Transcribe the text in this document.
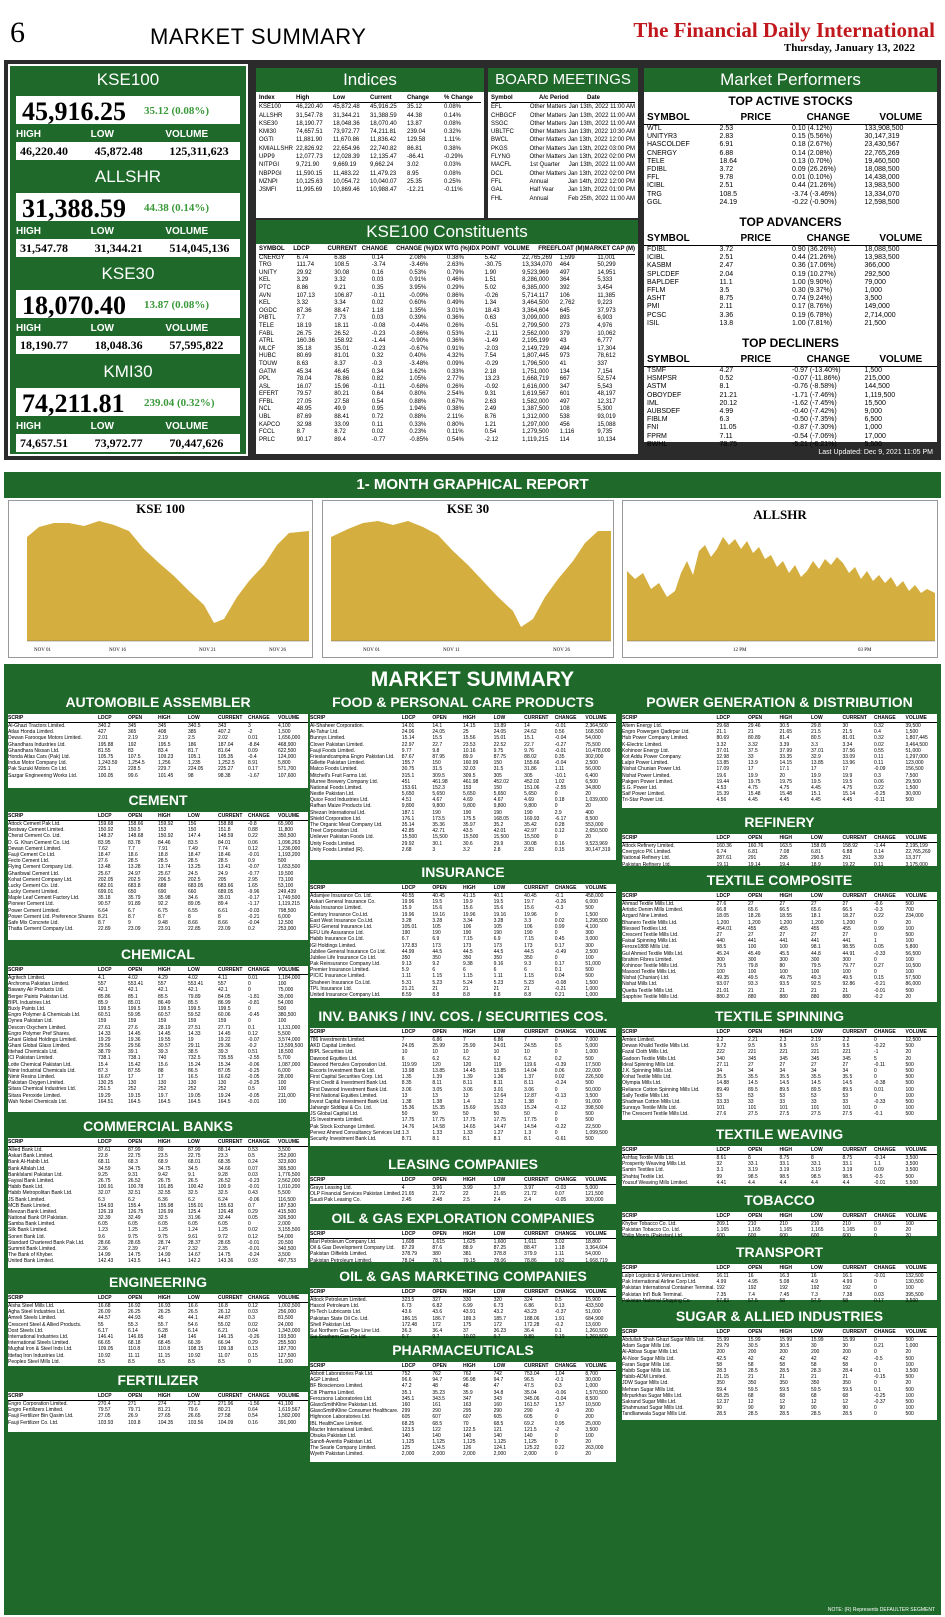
6	MARKET SUMMARY	The Financial Daily International
Thursday, January 13, 2022
KSE100
45,916.25 35.12 (0.08%)
HIGH	LOW	VOLUME
46,220.40	45,872.48	125,311,623
ALLSHR
31,388.59 44.38 (0.14%)
HIGH	LOW	VOLUME
31,547.78	31,344.21	514,045,136
KSE30
18,070.40 13.87 (0.08%)
HIGH	LOW	VOLUME
18,190.77	18,048.36	57,595,822
KMI30
74,211.81 239.04 (0.32%)
HIGH	LOW	VOLUME
74,657.51	73,972.77	70,447,626
Indices
Index	High	Low	Current	Change	% Change
KSE100	46,220.40	45,872.48	45,916.25	35.12	0.08%
ALLSHR	31,547.78	31,344.21	31,388.59	44.38	0.14%
KSE30	18,190.77	18,048.36	18,070.40	13.87	0.08%
KMI30	74,657.51	73,972.77	74,211.81	239.04	0.32%
OGTI	11,881.90	11,670.86	11,836.42	129.58	1.11%
KMIALLSHR 22,826.92	22,654.96	22,740.82	86.81	0.38%
UPP9	12,077.73	12,028.39	12,135.47	-86.41	-0.29%
NITPGI	9,721.90	9,669.19	9,662.24	3.02	0.03%
NBPPGI	11,590.15	11,483.22	11,479.23	8.95	0.08%
MZNPI	10,125.63	10,054.72	10,040.07	25.35	0.25%
JSMFI	11,995.69	10,869.46	10,988.47	-12.21	-0.11%
BOARD MEETINGS
Symbol	A/c Period	Date
EFL	Other Matters Jan 13th, 2022 11:00 AM
CHBGCF	Other Matters Jan 13th, 2022 11:00 AM
SSGC	Other Matters Jan 13th, 2022 11:00 AM
UBLTFC	Other Matters Jan 13th, 2022 10:30 AM
BWCL	Other Matters Jan 13th, 2022 12:00 PM
PKGS	Other Matters Jan 13th, 2022 03:00 PM
FLYNG	Other Matters Jan 13th, 2022 02:00 PM
MACFL	1st Quarter	Jan 13th, 2022 11:00 AM
DCL	Other Matters Jan 13th, 2022 02:00 PM
FFL	Annual	Jan 14th, 2022 12:00 PM
GAL	Half Year	Jan 13th, 2022 01:00 PM
FHL	Annual	Feb 25th, 2022 11:00 AM
KSE100 Constituents
SYMBOL	LDCP	CURRENT CHANGE	CHANGE (%) IDX WTG (%) IDX POINT VOLUME	FREEFLOAT (M) MARKET CAP (M)
CNERGY	6.74	6.88	0.14	2.08%	0.38%	5.42	22,765,269	1,599	11,001
TRG	111.74	108.5	-3.74	-3.46%	2.63%	-30.75	13,334,070	464	50,299
UNITY	29.92	30.08	0.16	0.53%	0.79%	1.90	9,523,969	497	14,951
KEL	3.29	3.32	0.03	0.91%	0.46%	1.51	8,286,000	364	5,333
PTC	8.86	9.21	0.35	3.95%	0.29%	5.02	6,385,000	392	3,454
AVN	107.13	106.87	-0.11	-0.09%	0.86%	-0.26	5,714,117	106	11,385
KEL	3.32	3.34	0.02	0.60%	0.49%	1.34	3,464,500	2,762	9,223
OGDC	87.36	88.47	1.18	1.35%	3.01%	18.43	3,364,604	645	37,973
PIBTL	7.7	7.73	0.03	0.39%	0.36%	0.63	3,099,000	893	6,903
TELE	18.19	18.11	-0.08	-0.44%	0.26%	-0.51	2,799,500	273	4,976
FABL	26.75	26.52	-0.23	-0.86%	0.53%	-2.11	2,562,000	379	10,062
ATRL	160.36	158.92	-1.44	-0.90%	0.36%	-1.49	2,195,199	43	6,777
MLCF	35.18	35.01	-0.23	-0.67%	0.91%	-2.03	2,149,729	494	17,304
HUBC	80.69	81.01	0.32	0.40%	4.32%	7.54	1,807,445	973	78,612
TOUW	8.63	8.37	-0.3	-3.48%	0.09%	-0.29	1,796,500	41	337
GATM	45.34	46.45	0.34	1.62%	0.33%	2.18	1,751,000	134	7,154
PPL	78.04	78.86	0.82	1.05%	2.77%	13.23	1,668,719	667	52,574
ASL	16.07	15.96	-0.11	-0.68%	0.26%	-0.92	1,616,000	347	5,543
EFERT	79.57	80.21	0.64	0.80%	2.54%	9.31	1,619,567	601	48,197
FFBL	27.05	27.58	0.54	0.88%	0.67%	2.63	1,582,000	497	12,317
NCL	48.95	49.9	0.95	1.94%	0.38%	2.49	1,387,500	108	5,300
UBL	87.69	88.41	0.72	0.88%	2.11%	8.76	1,312,000	538	93,019
KAPCO	32.98	33.09	0.11	0.33%	0.80%	1.21	1,297,000	456	15,088
FCCL	8.7	8.72	0.02	0.23%	0.11%	0.54	1,279,500	1,116	9,735
PRLC	90.17	89.4	-0.77	-0.85%	0.54%	-2.12	1,119,215	114	10,134
Market Performers
TOP ACTIVE STOCKS
SYMBOL	PRICE	CHANGE	VOLUME
WTL	2.53	0.10 (4.12%)	133,908,500
UNITYR3	2.83	0.15 (5.56%)	30,147,319
HASCOLDEF	6.91	0.18 (2.67%)	23,430,567
CNERGY	6.88	0.14 (2.08%)	22,765,269
TELE	18.64	0.13 (0.70%)	19,460,500
FDIBL	3.72	0.09 (26.26%)	18,088,500
FFL	9.78	0.01 (0.10%)	14,438,000
ICIBL	2.51	0.44 (21.26%)	13,983,500
TRG	108.5	-3.74 (-3.46%)	13,334,070
GGL	24.19	-0.22 (-0.90%)	12,598,500
TOP ADVANCERS
SYMBOL	PRICE	CHANGE	VOLUME
FDIBL	3.72	0.90 (36.26%)	18,088,500
ICIBL	2.51	0.44 (21.26%)	13,983,500
KASBM	2.47	0.36 (17.06%)	366,000
SPLCDEF	2.04	0.19 (10.27%)	292,500
BAPLDEF	11.1	1.00 (9.90%)	79,000
FFLM	3.5	0.30 (9.37%)	1,000
ASHT	8.75	0.74 (9.24%)	3,500
PMI	2.11	0.17 (8.76%)	149,000
PCSC	3.36	0.19 (6.78%)	2,714,000
ISIL	13.8	1.00 (7.81%)	21,500
TOP DECLINERS
SYMBOL	PRICE	CHANGE	VOLUME
TSMF	4.27	-0.97 (-13.40%)	1,500
HSMPSR	0.52	-0.07 (-11.86%)	215,000
ASTM	8.1	-0.76 (-8.58%)	144,500
OBOYDEF	21.21	-1.71 (-7.46%)	1,119,500
IML	20.12	-1.62 (-7.45%)	15,500
AUBSDEF	4.99	-0.40 (-7.42%)	9,000
FIBLM	6.3	-0.50 (-7.35%)	6,500
FNI	11.05	-0.87 (-7.30%)	1,000
FPRM	7.11	-0.54 (-7.06%)	17,000
BWHL	78.75	-5.21 (-6.21%)	5,500
Last Updated: Dec 9, 2021 11:05 PM
1- MONTH GRAPHICAL REPORT
KSE 100
NOV 01	NOV 16	NOV 21	NOV 26
KSE 30
NOV 01	NOV 11	NOV 26
ALLSHR
12 PM	03 PM
MARKET SUMMARY
NOTE: (R) Represents DEFAULTER SEGMENT
AUTOMOBILE ASSEMBLER
SCRIP	LDCP	OPEN	HIGH	LOW	CURRENT	CHANGE	VOLUME
Al-Ghazi Tractors Limited.	340.2	345	345	340.5	343	3	4,100
Atlas Honda Limited.	427	365	408	385	407.2	-2	1,500
Dewan Farooque Motors Limited.	2.01	2.19	2.19	2.5	2.02	0.01	1,656,000
Ghandhara Industries Ltd.	195.88	192	195.5	186	187.04	-8.84	468,900
Ghandhara Nissan Ltd.	81.55	83	83.4	81.7	81.64	0.09	622,500
Honda Atlas Cars (Pak) Ltd.	105.75	107.5	109.23	105.1	105.35	-0.4	124,000
Indus Motor Company Ltd.	1,243.59	1,254.5	1,256	1,235	1,252.5	8.91	5,800
Pak Suzuki Motors Co Ltd.	225.1	228.5	229.7	224.05	225.27	0.17	571,700
Sazgar Engineering Works Ltd.	100.05	99.6	101.45	98	98.38	-1.67	107,600
CEMENT
SCRIP	LDCP	OPEN	HIGH	LOW	CURRENT	CHANGE	VOLUME
Attock Cement Pak Ltd.	159.68	158.66	159.92	156	158.88	-0.8	65,900
Bestway Cement Limited.	150.92	150.5	153	150	151.8	0.88	11,800
Cherat Cement Co. Ltd.	148.37	148.68	150.92	147.4	148.59	0.22	350,500
D. G. Khan Cement Co. Ltd.	83.95	83.78	84.46	83.5	84.01	0.06	1,096,263
Dewan Cement Limited.	7.62	7.7	7.91	7.49	7.74	0.12	1,236,000
Fauji Cement Co Ltd.	18.47	18.6	18.8	18.47	18.46	-0.01	1,193,200
Fecto Cement Ltd.	27.6	28.5	28.5	28.5	28.5	0.9	500
Flying Cement Company Ltd.	13.48	13.28	13.74	13.25	13.41	-0.07	1,653,500
Gharibwal Cement Ltd.	25.67	24.97	25.67	24.5	24.9	-0.77	19,500
Kohat Cement Company Ltd.	202.05	202.5	206.5	202.5	205	2.95	73,100
Lucky Cement Co. Ltd.	682.01	683.8	688	683.05	683.66	1.65	53,100
Lucky Cement Limited.	699.01	650	690	660	689.05	-9.96	249,439
Maple Leaf Cement Factory Ltd.	35.18	35.79	35.98	34.6	35.01	-0.17	1,749,500
Pioneer Cement Ltd.	90.57	91.89	92.2	89.05	89.4	-1.17	1,119,215
Power Cement Limited.	6.64	6.7	6.75	6.55	6.61	-0.03	798,500
Power Cement Ltd. Preference Shares 8.21	8.7	8.7	8	8	-0.21	6,000
Safe Mix Concrete Ltd.	8.7	9	9.48	8.66	8.66	-0.04	12,500
Thatta Cement Company Ltd.	22.89	23.09	23.91	22.85	23.09	0.2	253,000
CHEMICAL
SCRIP	LDCP	OPEN	HIGH	LOW	CURRENT	CHANGE	VOLUME
Agritech Limited.	4.1	4.02	4.29	4.02	4.11	0.01	1,184,000
Archroma Pakistan Limited.	557	553.41	557	553.41	557	0	100
Bawany Air Products Ltd.	42.1	42.1	42.1	42.1	42.1	0	75,000
Berger Paints Pakistan Ltd.	85.86	85.1	85.5	79.89	84.05	-1.81	35,000
BIPL Industries Ltd.	85.9	85.01	86.49	85.5	86.99	-0.81	54,000
Buxly Paints Ltd.	199.5	199.5	199.5	199.5	199.5	0	500
Engro Polymer & Chemicals Ltd.	60.51	59.95	60.57	59.52	60.06	-0.45	380,500
Dynea Pakistan Ltd.	159	159	159	159	159	0	100
Descon Oxychem Limited.	27.61	27.6	28.19	27.51	27.71	0.1	1,131,000
Engro Polymer Pref Shares.	14.33	14.45	14.45	14.33	14.45	0.12	5,500
Ghani Global Holdings Limited.	19.29	19.36	19.55	19	19.22	-0.07	3,574,000
Ghani Global Glass Limited.	29.56	29.56	30.57	29.11	29.36	-0.2	13,599,500
Ittehad Chemicals Ltd.	38.79	39.1	39.3	38.5	39.3	0.51	18,500
ICI Pakistan Limited.	738.1	738.1	740	732.5	735.55	-2.55	5,700
Lotte Chemical Pakistan Ltd.	15.4	15.42	15.6	15.24	15.34	-0.06	1,087,000
Nimir Industrial Chemicals Ltd.	87.3	87.55	88	86.5	87.05	-0.25	6,000
Nimir Resins Limited.	16.67	17	17	16.5	16.62	-0.05	28,000
Pakistan Oxygen Limited.	130.25	130	130	130	130	-0.25	100
Sitara Chemical Industries Ltd.	251.5	252	252	252	252	0.5	100
Sitara Peroxide Limited.	19.29	19.15	19.7	19.05	19.24	-0.05	211,000
Wah Nobel Chemicals Ltd.	164.51	164.5	164.5	164.5	164.5	-0.01	100
COMMERCIAL BANKS
SCRIP	LDCP	OPEN	HIGH	LOW	CURRENT	CHANGE	VOLUME
Allied Bank Ltd.	87.61	87.99	89	87.99	88.14	0.53	3,500
Askari Bank Limited.	22.8	22.75	23.5	22.75	23.3	0.5	252,000
Bank Al-Habib Ltd.	68.11	68.3	68.9	68.01	68.35	0.24	323,600
Bank Alfalah Ltd.	34.59	34.75	34.75	34.5	34.66	0.07	365,500
BankIslami Pakistan Ltd.	9.25	9.31	9.42	9.1	9.28	0.03	1,776,500
Faysal Bank Limited.	26.75	26.52	26.75	26.5	26.52	-0.23	2,562,000
Habib Bank Ltd.	100.91	100.78	101.85	100.42	100.9	-0.01	1,010,200
Habib Metropolitan Bank Ltd.	32.07	32.51	32.55	32.5	32.5	0.43	5,500
JS Bank Limited.	6.3	6.2	6.36	6.2	6.24	-0.06	116,500
MCB Bank Limited.	154.93	155.4	155.98	155.01	155.63	0.7	187,530
Meezan Bank Limited.	126.19	126.75	126.99	125.4	126.48	0.29	415,500
National Bank Of Pakistan.	32.39	32.49	32.5	31.96	32.44	0.05	326,500
Samba Bank Limited.	6.05	6.05	6.05	6.05	6.05	0	2,000
Silk Bank Limited.	1.23	1.25	1.25	1.24	1.25	0.02	3,155,500
Soneri Bank Ltd.	9.6	9.75	9.75	9.61	9.72	0.12	54,000
Standard Chartered Bank Pak Ltd.	28.66	28.65	28.74	28.37	28.65	-0.01	20,500
Summit Bank Limited.	2.36	2.39	2.47	2.32	2.35	-0.01	340,500
The Bank of Khyber.	14.99	14.75	14.99	14.67	14.75	-0.24	3,500
United Bank Limited.	142.43	143.5	144.1	142.2	143.36	0.93	497,753
ENGINEERING
SCRIP	LDCP	OPEN	HIGH	LOW	CURRENT	CHANGE	VOLUME
Aisha Steel Mills Ltd.	16.68	16.92	16.93	16.6	16.8	0.12	1,002,500
Agha Steel Industries Ltd.	26.09	26.25	26.25	26.5	26.12	0.03	256,000
Amreli Steels Limited.	44.57	44.93	45	44.1	44.87	0.3	81,500
Crescent Steel & Allied Products.	55	55.3	55.7	54.6	55.02	0.02	24,000
Dost Steels Ltd.	6.17	6.14	6.28	6.14	6.21	0.04	1,343,000
International Industries Ltd.	146.41	146.65	148	146	146.15	-0.26	193,500
International Steels Limited.	66.65	68.18	68.45	66.39	66.94	0.29	255,500
Mughal Iron & Steel Inds Ltd.	109.05	110.8	110.8	108.15	109.18	0.13	187,700
Ittefaq Iron Industries Ltd.	10.92	11.11	11.15	10.92	11.07	0.15	127,500
Peoples Steel Mills Ltd.	8.5	8.5	8.5	8.5	8.5	0	11,000
FERTILIZER
SCRIP	LDCP	OPEN	HIGH	LOW	CURRENT	CHANGE	VOLUME
Engro Corporation Limited.	270.4	271	274	271.2	271.96	-1.56	41,100
Engro Fertilizers Limited.	79.57	79.71	81.21	79.6	80.21	0.64	1,619,567
Fauji Fertilizer Bin Qasim Ltd.	27.05	26.9	27.65	26.65	27.58	0.54	1,582,000
Fauji Fertilizer Co. Ltd.	103.93	103.8	104.35	103.56	104.09	0.16	391,000
FOOD & PERSONAL CARE PRODUCTS
SCRIP	LDCP	OPEN	HIGH	LOW	CURRENT	CHANGE	VOLUME
Al-Shaheer Corporation.	14.01	14.1	14.15	13.89	14	-0.01	2,364,500
At-Tahur Ltd.	24.06	24.05	25	24.05	24.62	0.56	168,500
Bunnys Limited.	15.14	15.5	15.56	15.01	15.1	-0.04	54,000
Clover Pakistan Limited.	22.97	22.7	23.53	22.52	22.7	-0.27	75,500
Fauji Foods Limited.	9.77	9.8	10.16	9.75	9.76	-0.01	10,478,000
Frieslandcampina Engro Pakistan Ltd.	87.67	87.95	89.9	87.75	88.02	0.35	302,000
Gillette Pakistan Limited.	155.7	150	160.99	150	155.66	-0.04	2,500
Matco Foods Limited.	30.75	31.5	32.03	31.5	31.86	1.11	56,000
Mitchell's Fruit Farms Ltd.	315.1	309.5	309.5	305	305	-10.1	6,400
Murree Brewery Company Ltd.	451	461.98	461.98	452.02	452.02	1.02	6,500
National Foods Limited.	153.61	152.3	153	150	151.06	-2.55	34,800
Nestle Pakistan Ltd.	5,650	5,650	5,650	5,650	5,650	0	20
Quice Food Industries Ltd.	4.51	4.67	4.69	4.67	4.69	0.18	1,039,000
Rafhan Maize Products Ltd.	9,800	9,800	9,800	9,800	9,800	0	20
Shezan International Ltd.	187.1	190	190	190	190	2.9	400
Shield Corporation Ltd.	176.1	173.5	175.5	168.05	169.93	-6.17	8,500
The Organic Meat Company Ltd.	35.14	35.36	35.97	35.2	35.42	0.28	553,000
Treet Corporation Ltd.	42.85	42.71	43.5	42.01	42.97	0.12	2,650,500
Unilever Pakistan Foods Ltd.	15,500	15,500	15,500	15,500	15,500	0	20
Unity Foods Limited.	29.92	30.1	30.6	29.9	30.08	0.16	9,523,969
Unity Foods Limited (R).	2.68	3	3.2	2.8	2.83	0.15	30,147,319
INSURANCE
SCRIP	LDCP	OPEN	HIGH	LOW	CURRENT	CHANGE	VOLUME
Adamjee Insurance Co. Ltd.	40.55	40.45	41.15	40.1	40.45	-0.1	458,000
Askari General Insurance Co.	19.96	19.5	19.9	19.5	19.7	-0.26	6,000
Asia Insurance Limited.	15.9	15.6	15.6	15.6	15.6	-0.3	500
Century Insurance Co.Ltd.	19.96	19.16	19.96	19.16	19.96	0	1,500
East West Insurance Co.Ltd.	3.28	3.28	3.34	3.28	3.3	0.02	1,298,500
EFU General Insurance Ltd.	105.01	105	106	105	106	0.99	4,100
EFU Life Assurance Ltd.	190	190	190	190	190	0	300
Habib Insurance Co.Ltd.	6.7	6.9	7.15	6.9	7.15	0.45	3,000
IGI Holdings Limited.	172.83	173	173	173	173	0.17	300
Jubilee General Insurance Co Ltd.	44.99	44.5	44.5	44.5	44.5	-0.49	2,500
Jubilee Life Insurance Co Ltd.	350	350	350	350	350	0	100
Pak Reinsurance Company Ltd.	9.13	9.2	9.38	9.16	9.3	0.17	51,000
Premier Insurance Limited.	5.9	6	6	6	6	0.1	500
PICIC Insurance Limited.	1.11	1.15	1.15	1.11	1.15	0.04	500
Shaheen Insurance Co.Ltd.	5.31	5.23	5.24	5.23	5.23	-0.08	1,500
TPL Insurance Ltd.	21.21	21	21	21	21	-0.21	1,000
United Insurance Company Ltd.	8.59	8.8	8.8	8.8	8.8	0.21	1,000
INV. BANKS / INV. COS. / SECURITIES COS.
SCRIP	LDCP	OPEN	HIGH	LOW	CURRENT	CHANGE	VOLUME
786 Investments Limited.	7	6.86	7	6.86	7	0	7,000
AKD Capital Limited.	24.05	25.99	25.99	24.01	24.55	0.5	5,000
BIPL Securities Ltd.	10	10	10	10	10	0	1,000
Dawood Equities Ltd.	6	6.2	6.2	6.2	6.2	0.2	500
Dawood Hercules Corporation Ltd.	119.99	120	120	119	119.6	-0.39	17,500
Escorts Investment Bank Ltd.	13.98	13.85	14.45	13.85	14.04	0.06	22,000
First Capital Securities Corp. Ltd.	1.35	1.39	1.39	1.36	1.37	0.02	226,500
First Credit & Investment Bank Ltd.	8.35	8.11	8.11	8.11	8.11	-0.24	500
First Dawood Investment Bank Ltd.	3.06	3.05	3.06	3.01	3.06	0	50,000
First National Equities Limited.	13	13	13	12.64	12.87	-0.13	3,500
Invest Capital Investment Bank Ltd.	1.38	1.38	1.4	1.32	1.38	0	91,000
Jahangir Siddiqui & Co. Ltd.	15.36	15.35	15.69	15.03	15.24	-0.12	398,500
JS Global Capital Ltd.	50	50	50	50	50	0	500
JS Investments Limited.	17.75	17.75	17.75	17.75	17.75	0	500
Pak Stock Exchange Limited.	14.76	14.58	14.65	14.47	14.54	-0.22	22,500
Pervez Ahmed Consultancy Services Ltd. 1.3	1.33	1.33	1.27	1.3	0	1,099,500
Security Investment Bank Ltd.	8.71	8.1	8.1	8.1	8.1	-0.61	500
LEASING COMPANIES
SCRIP	LDCP	OPEN	HIGH	LOW	CURRENT	CHANGE	VOLUME
Grays Leasing Ltd.	4	3.96	3.99	3.7	3.97	-0.03	5,000
OLP Financial Services Pakistan Limited. 21.65	21.72	22	21.65	21.72	0.07	121,500
Saudi Pak Leasing Co.	2.45	2.48	2.5	2.4	2.4	-0.05	300,000
OIL & GAS EXPLORATION COMPANIES
SCRIP	LDCP	OPEN	HIGH	LOW	CURRENT	CHANGE	VOLUME
Mari Petroleum Company Ltd.	1,608	1,615	1,625	1,600	1,611	3.02	18,800
Oil & Gas Development Company Ltd.	87.29	87.6	88.9	87.25	88.47	1.18	3,364,604
Pakistan Oilfields Limited.	378.79	380	381	378.8	379.9	1.11	54,000
Pakistan Petroleum Limited.	78.04	78.1	79.15	78.06	78.86	0.82	1,668,719
OIL & GAS MARKETING COMPANIES
SCRIP	LDCP	OPEN	HIGH	LOW	CURRENT	CHANGE	VOLUME
Attock Petroleum Limited.	323.5	327	330	320	324	0.5	15,900
Hascol Petroleum Ltd.	6.73	6.82	6.99	6.73	6.86	0.13	433,500
Hi-Tech Lubricants Ltd.	43.6	43.6	43.91	43.2	43.23	-0.37	51,000
Pakistan State Oil Co. Ltd.	186.15	186.7	189.3	185.7	188.06	1.91	684,900
Shell Pakistan Ltd.	172.48	172	175	172	172.28	-0.2	13,600
Sui Northern Gas Pipe Line Ltd.	36.3	36.4	37	36.23	36.4	0.1	1,260,500
Sui Southern Gas Co Ltd.	9.7	9.7	10.02	9.7	9.89	0.19	1,260,500
PHARMACEUTICALS
SCRIP	LDCP	OPEN	HIGH	LOW	CURRENT	CHANGE	VOLUME
Abbott Laboratories Pak Ltd.	752	762	762	742	753.04	1.04	8,700
AGP Limited.	96.6	94.7	96.98	94.7	96.5	-0.1	30,000
BF Biosciences Limited.	47.2	48	48	47	47.5	0.3	1,000
Citi Pharma Limited.	35.1	35.23	35.9	34.8	35.04	-0.06	1,570,500
Ferozsons Laboratories Ltd.	345.1	343.5	347	343	345.06	-0.04	8,500
GlaxoSmithKline Pakistan Ltd.	160	161	163	160	161.57	1.57	10,500
GlaxoSmithKline Consumer Healthcare. 299	290	295	290	290	-9	200
Highnoon Laboratories Ltd.	605	607	607	605	605	0	200
IBL HealthCare Limited.	68.25	68.5	70	68.5	69.2	0.95	25,000
Macter International Limited.	123.5	122	122.5	121	121.5	-2	3,500
Otsuka Pakistan Ltd.	140	140	140	140	140	0	100
Sanofi-Aventis Pakistan Ltd.	1,125	1,125	1,125	1,125	1,125	0	20
The Searle Company Limited.	125	124.5	126	124.1	125.22	0.22	263,000
Wyeth Pakistan Limited.	2,000	2,000	2,000	2,000	2,000	0	20
POWER GENERATION & DISTRIBUTION
SCRIP	LDCP	OPEN	HIGH	LOW	CURRENT	CHANGE	VOLUME
Altern Energy Ltd.	29.68	29.46	30.5	29.8	30	0.32	39,500
Engro Powergen Qadirpur Ltd.	21.1	21	21.65	21.5	21.5	0.4	1,500
Hub Power Company Limited.	80.69	80.89	81.4	80.5	81.01	0.32	1,807,445
K-Electric Limited.	3.32	3.32	3.39	3.3	3.34	0.02	3,464,500
Kohinoor Energy Ltd.	37.01	37.5	37.99	37.01	37.56	0.55	51,000
Kot Addu Power Company.	32.98	33	33.35	32.9	33.09	0.11	1,297,000
Lalpir Power Limited.	13.85	13.9	14.15	13.85	13.96	0.11	123,000
Nishat Chunian Power Ltd.	17.09	17	17.1	17	17	-0.09	156,500
Nishat Power Limited.	19.6	19.9	20	19.9	19.9	0.3	7,500
Pakgen Power Limited.	19.44	19.75	19.75	19.5	19.5	0.06	29,500
S.G. Power Ltd.	4.53	4.75	4.75	4.45	4.75	0.22	1,500
Saif Power Limited.	15.39	15.48	15.48	15.1	15.14	-0.25	30,000
Tri-Star Power Ltd.	4.56	4.45	4.45	4.45	4.45	-0.11	500
REFINERY
SCRIP	LDCP	OPEN	HIGH	LOW	CURRENT	CHANGE	VOLUME
Attock Refinery Limited.	160.36	160.76	163.5	158.05	158.92	-1.44	2,195,199
Cnergyico PK Limited.	6.74	6.81	7.08	6.81	6.88	0.14	22,765,269
National Refinery Ltd.	287.61	291	295	290.5	291	3.39	13,377
Pakistan Refinery Ltd.	19.11	19.14	19.4	18.9	19.22	0.11	3,175,000
TEXTILE COMPOSITE
SCRIP	LDCP	OPEN	HIGH	LOW	CURRENT	CHANGE	VOLUME
Ahmad Textile Mills Ltd.	27.6	27	27	27	27	-0.6	500
Artistic Denim Mills Limited.	66.8	65.6	66.5	65.6	66.5	-0.3	700
Azgard Nine Limited.	18.05	18.26	18.55	18.1	18.27	0.22	234,000
Bhanero Textile Mills Ltd.	1,200	1,200	1,200	1,200	1,200	0	20
Blessed Textiles Ltd.	454.01	455	455	455	455	0.99	100
Crescent Textile Mills Ltd.	27	27	27	27	27	0	500
Faisal Spinning Mills Ltd.	440	441	441	441	441	1	100
Feroze1888 Mills Ltd.	98.5	100	100	98.1	98.55	0.05	5,800
Gul Ahmed Textile Mills Ltd.	45.24	45.49	45.5	44.8	44.91	-0.33	56,500
Ibrahim Fibres Limited.	300	300	300	300	300	0	100
Kohinoor Textile Mills Ltd.	79.5	79.8	80	79.5	79.77	0.27	10,500
Masood Textile Mills Ltd.	100	100	100	100	100	0	100
Nishat (Chunian) Ltd.	49.35	49.5	49.75	49.3	49.5	0.15	57,500
Nishat Mills Ltd.	93.07	93.3	93.5	92.5	92.86	-0.21	86,000
Quetta Textile Mills Ltd.	21.01	21	21	21	21	-0.01	500
Sapphire Textile Mills Ltd.	880.2	880	880	880	880	-0.2	20
TEXTILE SPINNING
SCRIP	LDCP	OPEN	HIGH	LOW	CURRENT	CHANGE	VOLUME
Amtex Limited.	2.2	2.21	2.3	2.19	2.2	0	12,500
Dewan Khalid Textile Mills Ltd.	9.72	9.5	9.5	9.5	9.5	-0.22	500
Fazal Cloth Mills Ltd.	222	221	221	221	221	-1	20
Gadoon Textile Mills Ltd.	340	345	345	345	345	5	20
Ideal Spinning Mills Ltd.	27.11	27	27	27	27	-0.11	500
J.K. Spinning Mills Ltd.	34	34	34	34	34	0	500
Kohat Textile Mills Ltd.	35.5	35.5	35.5	35.5	35.5	0	500
Olympia Mills Ltd.	14.88	14.5	14.5	14.5	14.5	-0.38	500
Reliance Cotton Spinning Mills Ltd.	89.49	89.5	89.5	89.5	89.5	0.01	100
Sally Textile Mills Ltd.	53	53	53	53	53	0	100
Shadman Cotton Mills Ltd.	33.33	33	33	33	33	-0.33	500
Sunrays Textile Mills Ltd.	101	101	101	101	101	0	100
The Crescent Textile Mills Ltd.	27.6	27.5	27.5	27.5	27.5	-0.1	500
TEXTILE WEAVING
SCRIP	LDCP	OPEN	HIGH	LOW	CURRENT	CHANGE	VOLUME
Ashfaq Textile Mills Ltd.	8.61	8	8.75	8	8.75	-0.14	3,500
Prosperity Weaving Mills Ltd.	32	33.1	33.1	33.1	33.1	1.1	3,500
Samin Textiles Ltd.	3.1	3.19	3.19	3.19	3.19	0.09	3,500
Shahtaj Textile Ltd.	99	98.5	98.5	98.5	98.5	-0.5	500
Yousuf Weaving Mills Limited.	4.41	4.4	4.4	4.4	4.4	-0.01	5,500
TOBACCO
SCRIP	LDCP	OPEN	HIGH	LOW	CURRENT	CHANGE	VOLUME
Khyber Tobacco Co. Ltd.	209.1	210	210	210	210	0.9	100
Pakistan Tobacco Co. Ltd.	1,165	1,165	1,165	1,165	1,165	0	20
Philip Morris (Pakistan) Ltd.	600	600	600	600	600	0	20
TRANSPORT
SCRIP	LDCP	OPEN	HIGH	LOW	CURRENT	CHANGE	VOLUME
Lalpir Logistics & Ventures Limited.	16.11	16	16.3	16	16.1	-0.01	132,500
Pak International Airline Corp Ltd.	4.99	4.95	5.08	4.9	4.99	0	130,500
Pakistan International Container Terminal. 192	192	192	192	192	0	100
Pakistan Int'l Bulk Terminal.	7.35	7.4	7.45	7.3	7.38	0.03	395,500
Pakistan National Shipping Co.	57.83	57.5	58	57.5	58	0.17	3,500
SUGAR & ALLIED INDUSTRIES
SCRIP	LDCP	OPEN	HIGH	LOW	CURRENT	CHANGE	VOLUME
Abdullah Shah Ghazi Sugar Mills Ltd.	15.99	15.99	15.99	15.99	15.99	0	500
Adam Sugar Mills Ltd.	29.79	30.5	30.5	30	30	0.21	1,000
Al-Abbas Sugar Mills Ltd.	200	200	200	200	200	0	20
Al-Noor Sugar Mills Ltd.	42.5	42	42	42	42	-0.5	500
Faran Sugar Mills Ltd.	58	58	58	58	58	0	100
Habib Sugar Mills Ltd.	28.3	28.5	28.5	28.3	28.4	0.1	3,500
Habib-ADM Limited.	21.15	21	21	21	21	-0.15	500
JDW Sugar Mills Ltd.	350	350	350	350	350	0	20
Mehran Sugar Mills Ltd.	59.4	59.5	59.5	59.5	59.5	0.1	500
Mirpurkhas Sugar Mills Ltd.	68.25	68	68	68	68	-0.25	100
Sakrand Sugar Mills Ltd.	12.37	12	12	12	12	-0.37	500
Shahmurad Sugar Mills Ltd.	90	90	90	90	90	0	100
Tandlianwala Sugar Mills Ltd.	28.5	28.5	28.5	28.5	28.5	0	500
